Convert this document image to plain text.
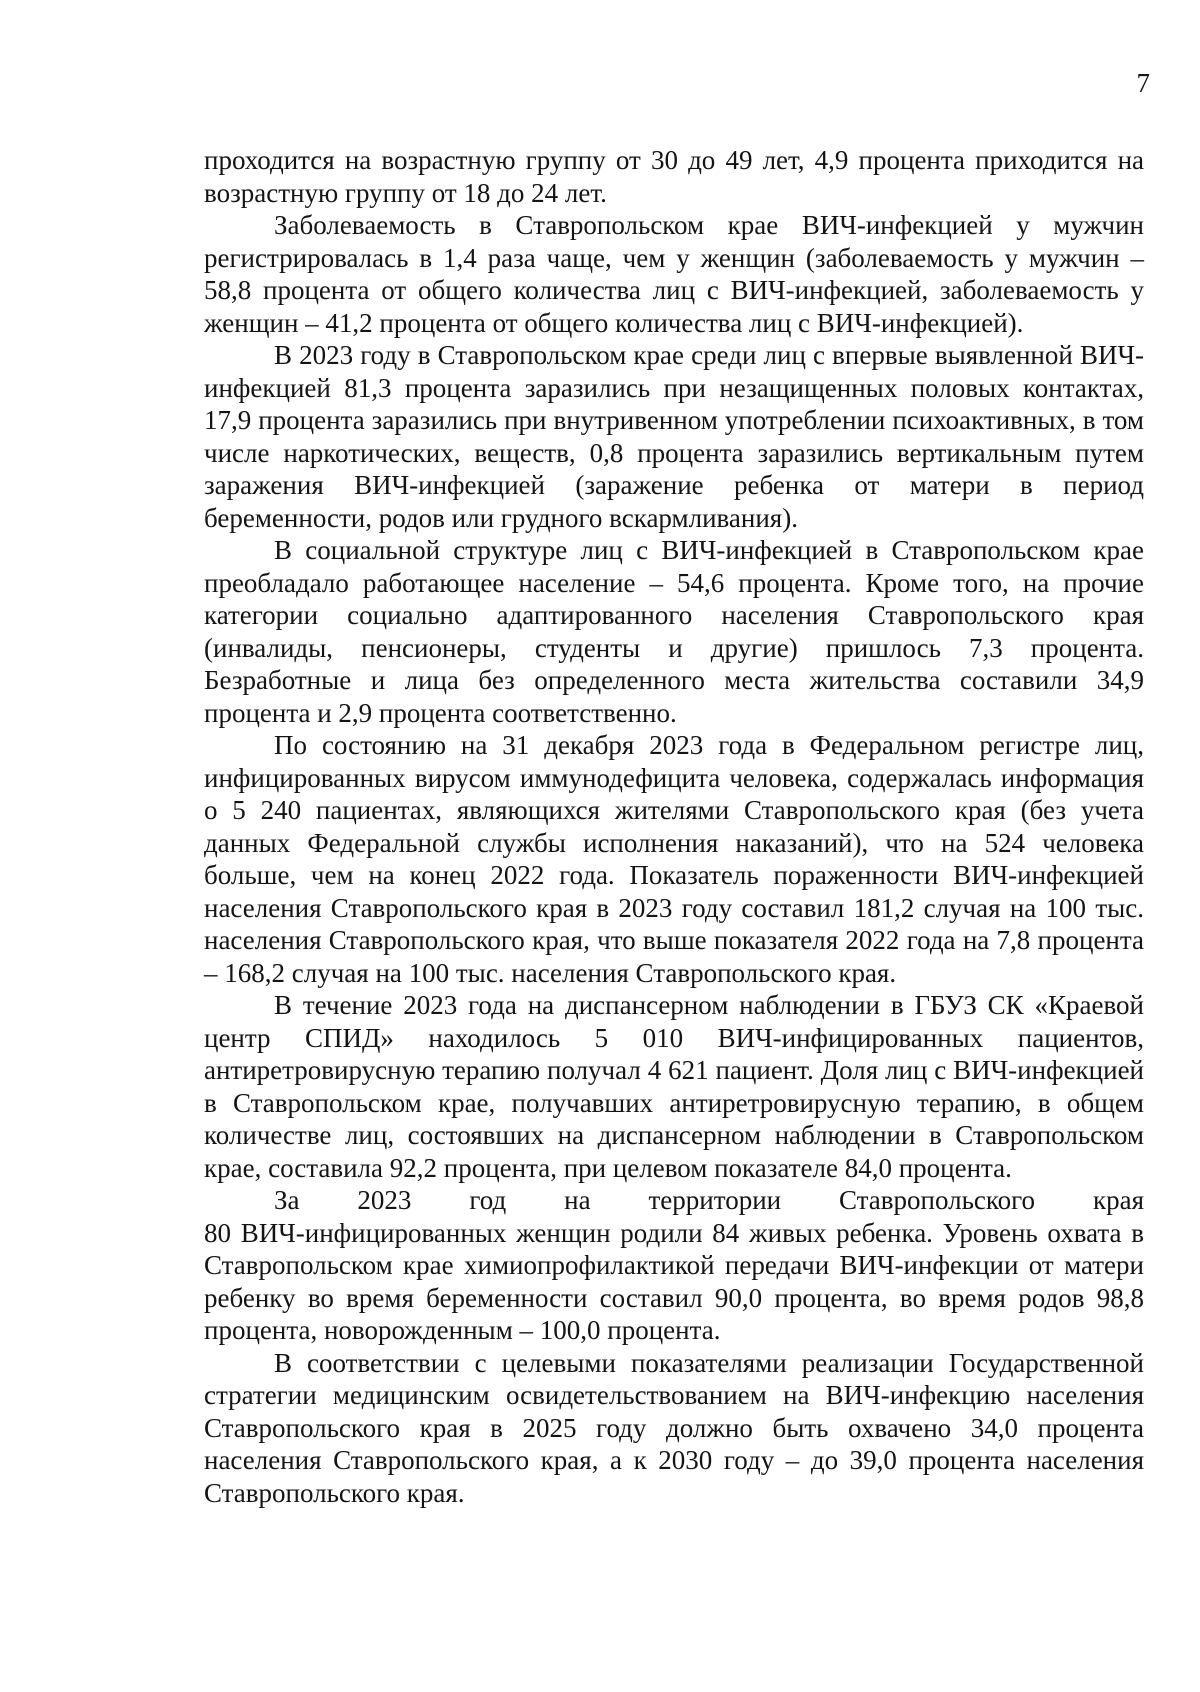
7

проходится на возрастную группу от 30 до 49 лет, 4,9 процента приходится на возрастную группу от 18 до 24 лет.

Заболеваемость в Ставропольском крае ВИЧ-инфекцией у мужчин регистрировалась в 1,4 раза чаще, чем у женщин (заболеваемость у мужчин – 58,8 процента от общего количества лиц с ВИЧ-инфекцией, заболеваемость у женщин – 41,2 процента от общего количества лиц с ВИЧ-инфекцией).

В 2023 году в Ставропольском крае среди лиц с впервые выявленной ВИЧ-инфекцией 81,3 процента заразились при незащищенных половых контактах, 17,9 процента заразились при внутривенном употреблении психоактивных, в том числе наркотических, веществ, 0,8 процента заразились вертикальным путем заражения ВИЧ-инфекцией (заражение ребенка от матери в период беременности, родов или грудного вскармливания).

В социальной структуре лиц с ВИЧ-инфекцией в Ставропольском крае преобладало работающее население – 54,6 процента. Кроме того, на прочие категории социально адаптированного населения Ставропольского края (инвалиды, пенсионеры, студенты и другие) пришлось 7,3 процента. Безработные и лица без определенного места жительства составили 34,9 процента и 2,9 процента соответственно.

По состоянию на 31 декабря 2023 года в Федеральном регистре лиц, инфицированных вирусом иммунодефицита человека, содержалась информация о 5 240 пациентах, являющихся жителями Ставропольского края (без учета данных Федеральной службы исполнения наказаний), что на 524 человека больше, чем на конец 2022 года. Показатель пораженности ВИЧ-инфекцией населения Ставропольского края в 2023 году составил 181,2 случая на 100 тыс. населения Ставропольского края, что выше показателя 2022 года на 7,8 процента – 168,2 случая на 100 тыс. населения Ставропольского края.

В течение 2023 года на диспансерном наблюдении в ГБУЗ СК «Краевой центр СПИД» находилось 5 010 ВИЧ-инфицированных пациентов, антиретровирусную терапию получал 4 621 пациент. Доля лиц с ВИЧ-инфекцией в Ставропольском крае, получавших антиретровирусную терапию, в общем количестве лиц, состоявших на диспансерном наблюдении в Ставропольском крае, составила 92,2 процента, при целевом показателе 84,0 процента.

За 2023 год на территории Ставропольского края

80 ВИЧ-инфицированных женщин родили 84 живых ребенка. Уровень охвата в Ставропольском крае химиопрофилактикой передачи ВИЧ-инфекции от матери ребенку во время беременности составил 90,0 процента, во время родов 98,8 процента, новорожденным – 100,0 процента.

В соответствии с целевыми показателями реализации Государственной стратегии медицинским освидетельствованием на ВИЧ-инфекцию населения Ставропольского края в 2025 году должно быть охвачено 34,0 процента населения Ставропольского края, а к 2030 году – до 39,0 процента населения Ставропольского края.
